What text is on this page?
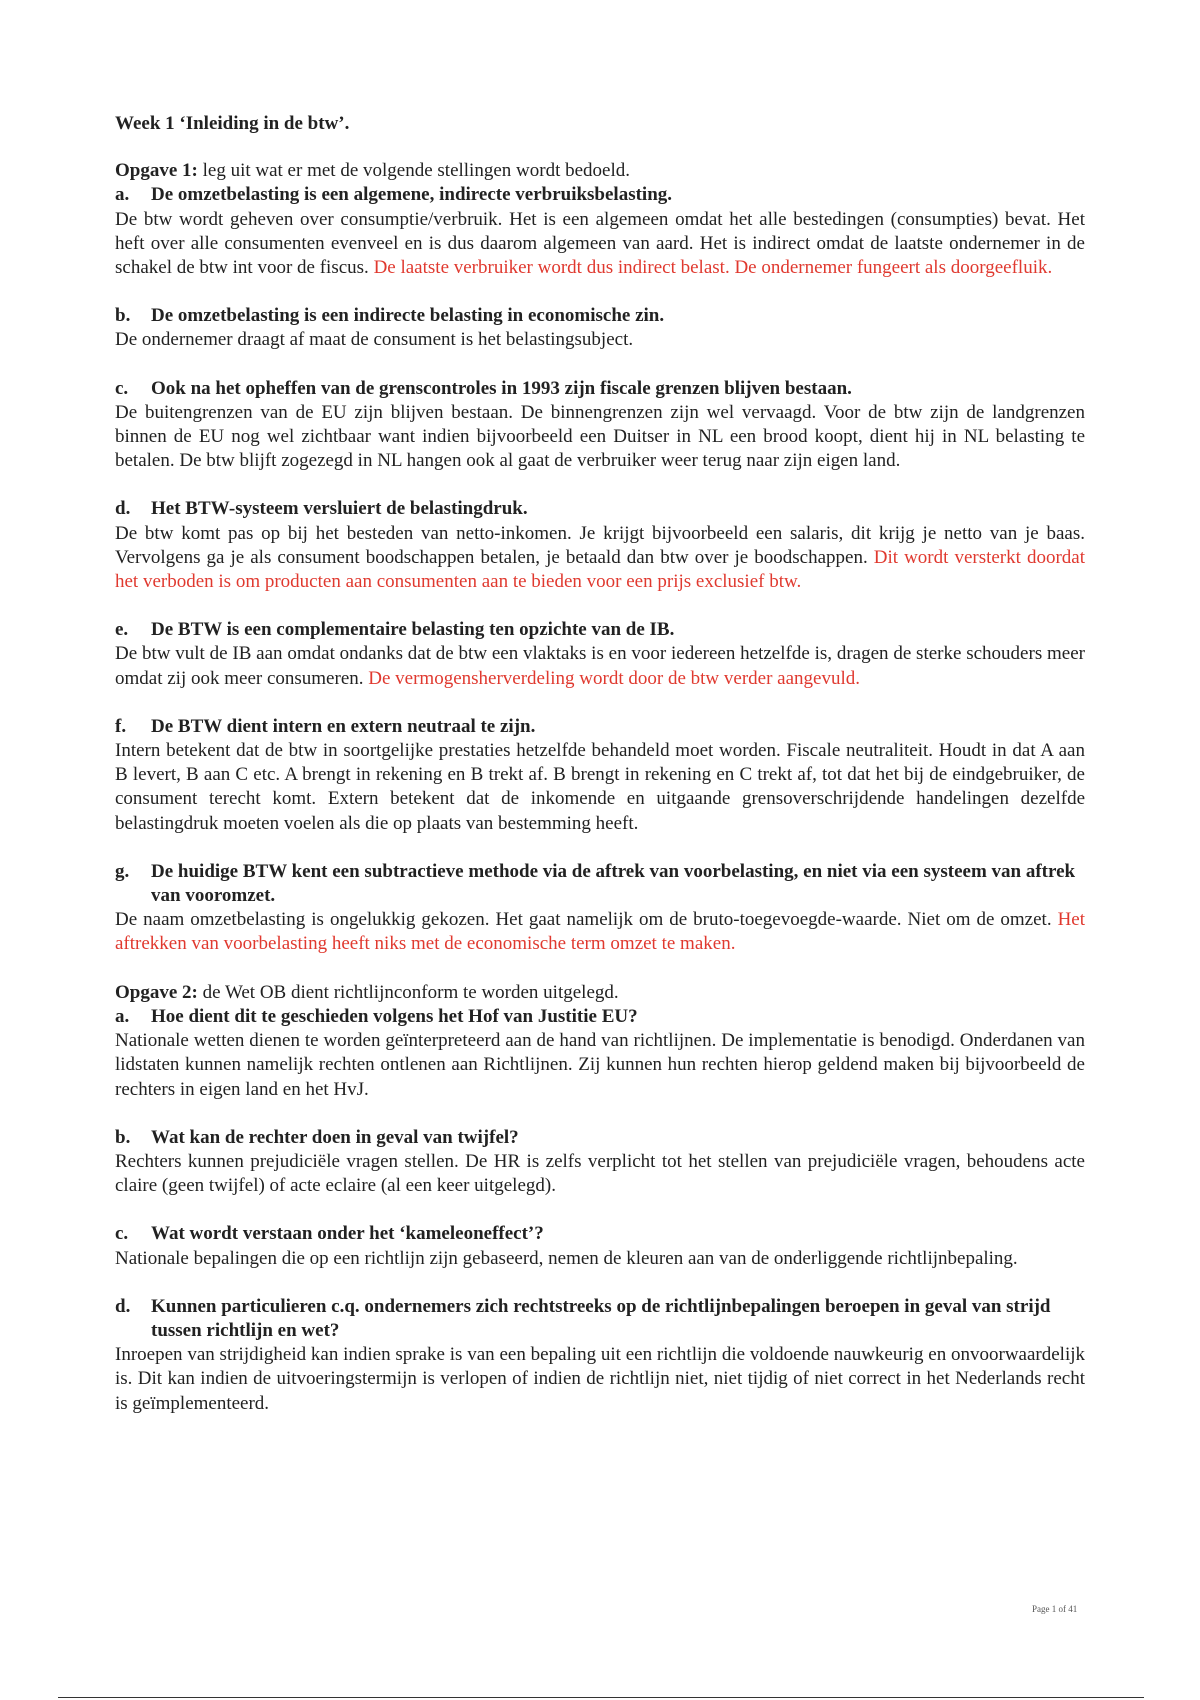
Week 1 ‘Inleiding in de btw’.

Opgave 1: leg uit wat er met de volgende stellingen wordt bedoeld.

a.	De omzetbelasting is een algemene, indirecte verbruiksbelasting.

De btw wordt geheven over consumptie/verbruik. Het is een algemeen omdat het alle bestedingen (consumpties) bevat. Het heft over alle consumenten evenveel en is dus daarom algemeen van aard. Het is indirect omdat de laatste ondernemer in de schakel de btw int voor de fiscus. De laatste verbruiker wordt dus indirect belast. De ondernemer fungeert als doorgeefluik.

b.	De omzetbelasting is een indirecte belasting in economische zin.

De ondernemer draagt af maat de consument is het belastingsubject.

c.	Ook na het opheffen van de grenscontroles in 1993 zijn fiscale grenzen blijven bestaan.

De buitengrenzen van de EU zijn blijven bestaan. De binnengrenzen zijn wel vervaagd. Voor de btw zijn de landgrenzen binnen de EU nog wel zichtbaar want indien bijvoorbeeld een Duitser in NL een brood koopt, dient hij in NL belasting te betalen. De btw blijft zogezegd in NL hangen ook al gaat de verbruiker weer terug naar zijn eigen land.

d.	Het BTW-systeem versluiert de belastingdruk.

De btw komt pas op bij het besteden van netto-inkomen. Je krijgt bijvoorbeeld een salaris, dit krijg je netto van je baas. Vervolgens ga je als consument boodschappen betalen, je betaald dan btw over je boodschappen. Dit wordt versterkt doordat het verboden is om producten aan consumenten aan te bieden voor een prijs exclusief btw.

e.	De BTW is een complementaire belasting ten opzichte van de IB.

De btw vult de IB aan omdat ondanks dat de btw een vlaktaks is en voor iedereen hetzelfde is, dragen de sterke schouders meer omdat zij ook meer consumeren. De vermogensherverdeling wordt door de btw verder aangevuld.

f.	De BTW dient intern en extern neutraal te zijn.

Intern betekent dat de btw in soortgelijke prestaties hetzelfde behandeld moet worden. Fiscale neutraliteit. Houdt in dat A aan B levert, B aan C etc. A brengt in rekening en B trekt af. B brengt in rekening en C trekt af, tot dat het bij de eindgebruiker, de consument terecht komt. Extern betekent dat de inkomende en uitgaande grensoverschrijdende handelingen dezelfde belastingdruk moeten voelen als die op plaats van bestemming heeft.

g.	De huidige BTW kent een subtractieve methode via de aftrek van voorbelasting, en niet via een systeem van aftrek van vooromzet.

De naam omzetbelasting is ongelukkig gekozen. Het gaat namelijk om de bruto-toegevoegde-waarde. Niet om de omzet. Het aftrekken van voorbelasting heeft niks met de economische term omzet te maken.

Opgave 2: de Wet OB dient richtlijnconform te worden uitgelegd.

a.	Hoe dient dit te geschieden volgens het Hof van Justitie EU?

Nationale wetten dienen te worden geïnterpreteerd aan de hand van richtlijnen. De implementatie is benodigd. Onderdanen van lidstaten kunnen namelijk rechten ontlenen aan Richtlijnen. Zij kunnen hun rechten hierop geldend maken bij bijvoorbeeld de rechters in eigen land en het HvJ.

b.	Wat kan de rechter doen in geval van twijfel?

Rechters kunnen prejudiciële vragen stellen. De HR is zelfs verplicht tot het stellen van prejudiciële vragen, behoudens acte claire (geen twijfel) of acte eclaire (al een keer uitgelegd).

c.	Wat wordt verstaan onder het ‘kameleoneffect’?

Nationale bepalingen die op een richtlijn zijn gebaseerd, nemen de kleuren aan van de onderliggende richtlijnbepaling.

d.	Kunnen particulieren c.q. ondernemers zich rechtstreeks op de richtlijnbepalingen beroepen in geval van strijd tussen richtlijn en wet?

Inroepen van strijdigheid kan indien sprake is van een bepaling uit een richtlijn die voldoende nauwkeurig en onvoorwaardelijk is. Dit kan indien de uitvoeringstermijn is verlopen of indien de richtlijn niet, niet tijdig of niet correct in het Nederlands recht is geïmplementeerd.

Page 1 of 41
